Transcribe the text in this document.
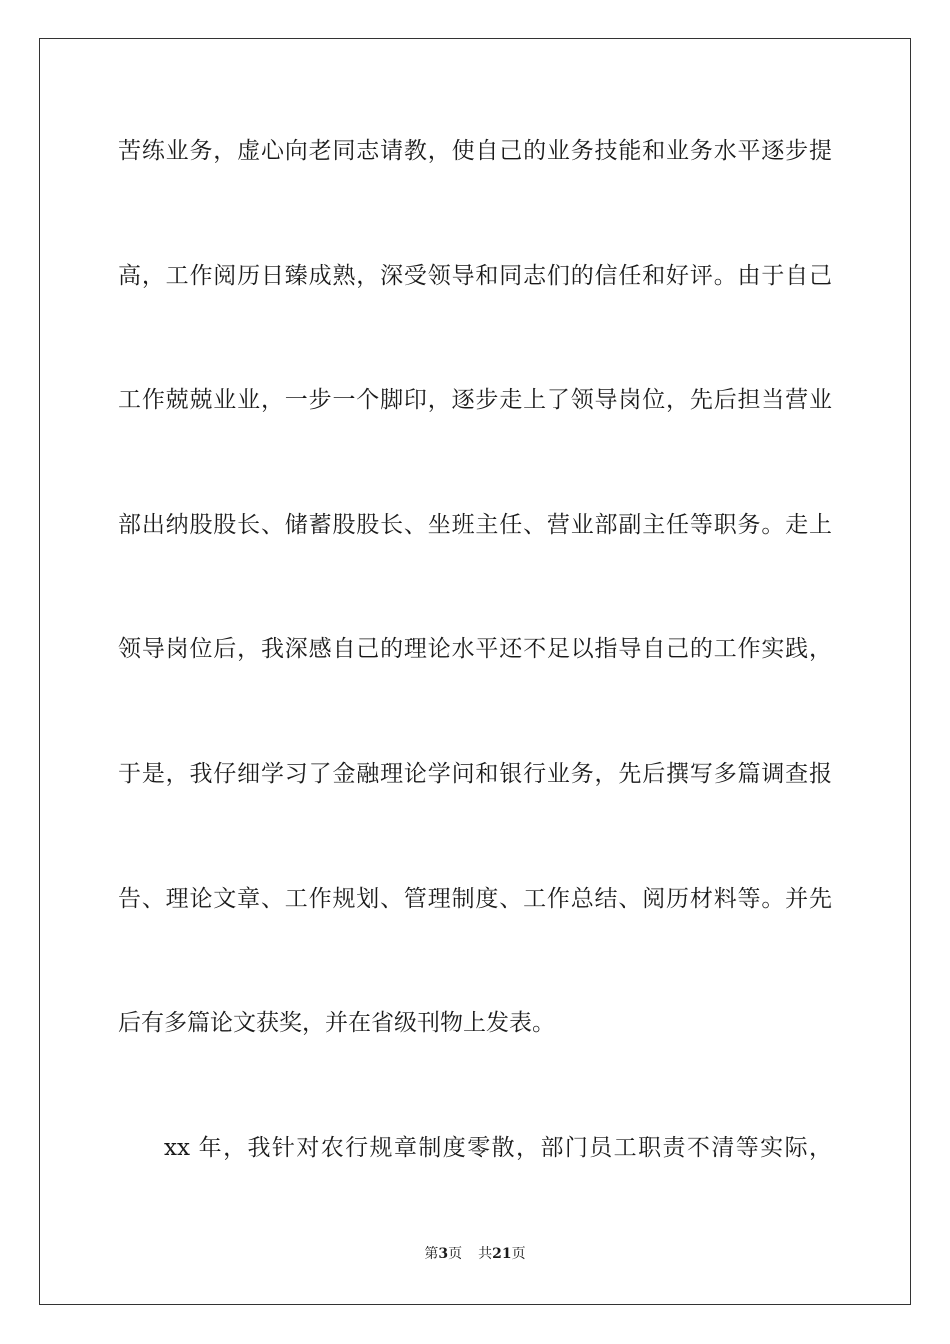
苦练业务，虚心向老同志请教，使自己的业务技能和业务水平逐步提
高，工作阅历日臻成熟，深受领导和同志们的信任和好评。由于自己
工作兢兢业业，一步一个脚印，逐步走上了领导岗位，先后担当营业
部出纳股股长、储蓄股股长、坐班主任、营业部副主任等职务。走上
领导岗位后，我深感自己的理论水平还不足以指导自己的工作实践，
于是，我仔细学习了金融理论学问和银行业务，先后撰写多篇调查报
告、理论文章、工作规划、管理制度、工作总结、阅历材料等。并先
后有多篇论文获奖，并在省级刊物上发表。
xx 年，我针对农行规章制度零散，部门员工职责不清等实际，
第3页 共21页
